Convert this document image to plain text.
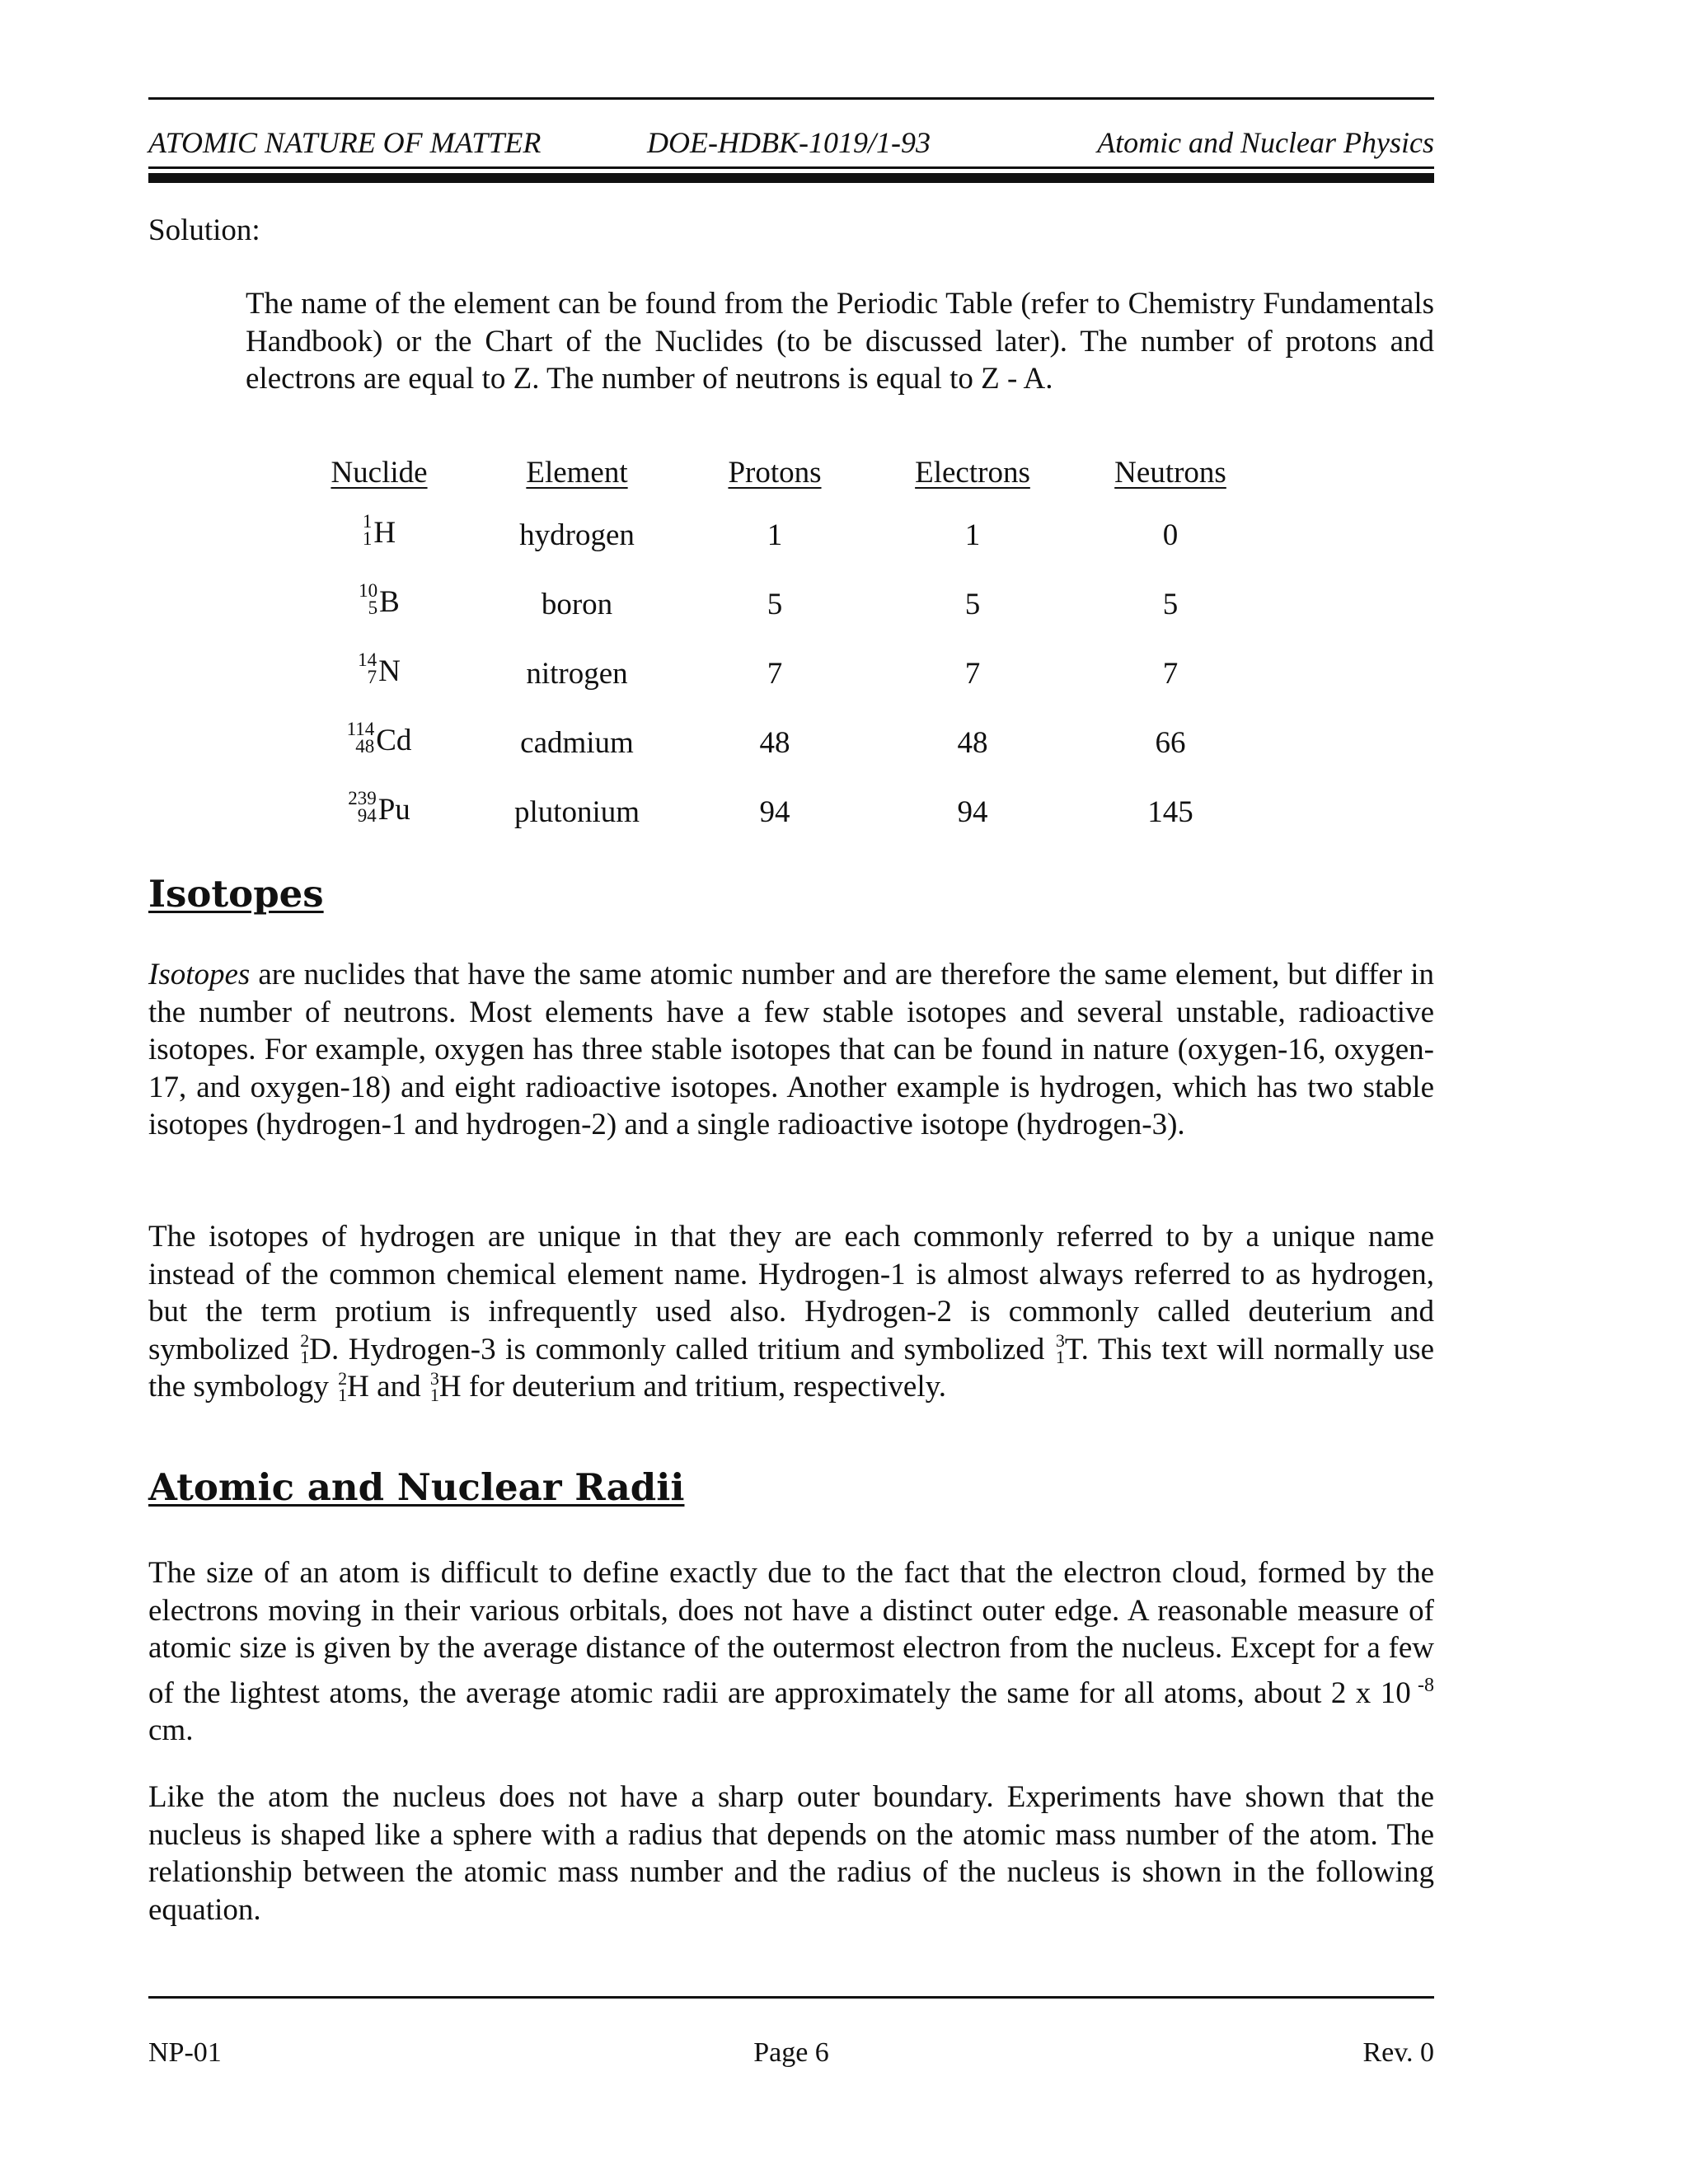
ATOMIC NATURE OF MATTER	DOE-HDBK-1019/1-93	Atomic and Nuclear Physics
Solution:

The name of the element can be found from the Periodic Table (refer to Chemistry Fundamentals Handbook) or the Chart of the Nuclides (to be discussed later). The number of protons and electrons are equal to Z. The number of neutrons is equal to Z - A.

Nuclide	Element	Protons	Electrons	Neutrons
1
1 H	hydrogen	1	1	0
10
5 B	boron	5	5	5
14
7 N	nitrogen	7	7	7
114
48 Cd	cadmium	48	48	66
239
94 Pu	plutonium	94	94	145
Isotopes

Isotopes are nuclides that have the same atomic number and are therefore the same element, but differ in the number of neutrons. Most elements have a few stable isotopes and several unstable, radioactive isotopes. For example, oxygen has three stable isotopes that can be found in nature (oxygen-16, oxygen-17, and oxygen-18) and eight radioactive isotopes. Another example is hydrogen, which has two stable isotopes (hydrogen-1 and hydrogen-2) and a single radioactive isotope (hydrogen-3).

The isotopes of hydrogen are unique in that they are each commonly referred to by a unique name instead of the common chemical element name. Hydrogen-1 is almost always referred to as hydrogen, but the term protium is infrequently used also. Hydrogen-2 is commonly called deuterium and symbolized 2
1 D. Hydrogen-3 is commonly called tritium and symbolized 3
1 T. This text will normally use the symbology 2
1 H and 3
1 H for deuterium and tritium, respectively.

Atomic and Nuclear Radii

The size of an atom is difficult to define exactly due to the fact that the electron cloud, formed by the electrons moving in their various orbitals, does not have a distinct outer edge. A reasonable measure of atomic size is given by the average distance of the outermost electron from the nucleus. Except for a few of the lightest atoms, the average atomic radii are approximately the same for all atoms, about 2 x 10 $^{-8}$ cm.

Like the atom the nucleus does not have a sharp outer boundary. Experiments have shown that the nucleus is shaped like a sphere with a radius that depends on the atomic mass number of the atom. The relationship between the atomic mass number and the radius of the nucleus is shown in the following equation.

NP-01	Page 6	Rev. 0
